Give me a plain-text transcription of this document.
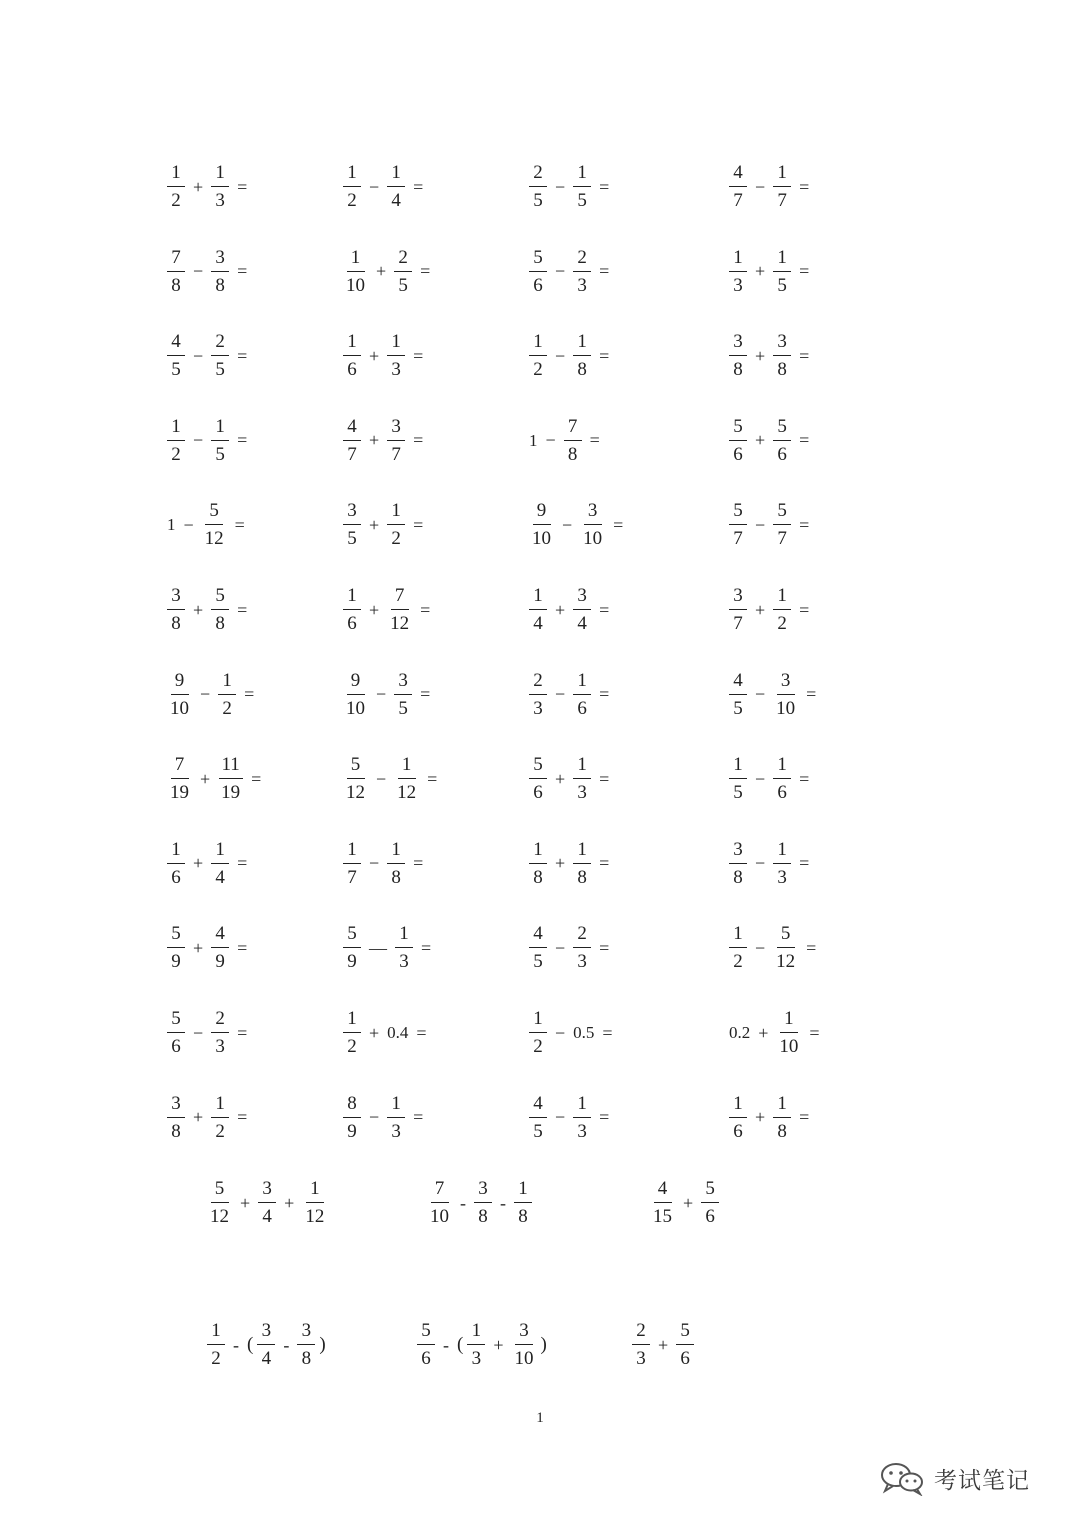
$\frac{1}{2} + \frac{1}{3}$ =	$\frac{1}{2} - \frac{1}{4}$ =	$\frac{2}{5} - \frac{1}{5}$ =	$\frac{4}{7} - \frac{1}{7}$ =
$\frac{7}{8} - \frac{3}{8}$ =	$\frac{1}{10} + \frac{2}{5}$ =	$\frac{5}{6} - \frac{2}{3}$ =	$\frac{1}{3} + \frac{1}{5}$ =
$\frac{4}{5} - \frac{2}{5}$ =	$\frac{1}{6} + \frac{1}{3}$ =	$\frac{1}{2} - \frac{1}{8}$ =	$\frac{3}{8} + \frac{3}{8}$ =
$\frac{1}{2} - \frac{1}{5}$ =	$\frac{4}{7} + \frac{3}{7}$ =	$1 - \frac{7}{8}$ =	$\frac{5}{6} + \frac{5}{6}$ =
$1 - \frac{5}{12}$ =	$\frac{3}{5} + \frac{1}{2}$ =	$\frac{9}{10} - \frac{3}{10}$ =	$\frac{5}{7} - \frac{5}{7}$ =
$\frac{3}{8} + \frac{5}{8}$ =	$\frac{1}{6} + \frac{7}{12}$ =	$\frac{1}{4} + \frac{3}{4}$ =	$\frac{3}{7} + \frac{1}{2}$ =
$\frac{9}{10} - \frac{1}{2}$ =	$\frac{9}{10} - \frac{3}{5}$ =	$\frac{2}{3} - \frac{1}{6}$ =	$\frac{4}{5} - \frac{3}{10}$ =
$\frac{7}{19} + \frac{11}{19}$ =	$\frac{5}{12} - \frac{1}{12}$ =	$\frac{5}{6} + \frac{1}{3}$ =	$\frac{1}{5} - \frac{1}{6}$ =
$\frac{1}{6} + \frac{1}{4}$ =	$\frac{1}{7} - \frac{1}{8}$ =	$\frac{1}{8} + \frac{1}{8}$ =	$\frac{3}{8} - \frac{1}{3}$ =
$\frac{5}{9} + \frac{4}{9}$ =	$\frac{5}{9}$ — $\frac{1}{3}$ =	$\frac{4}{5} - \frac{2}{3}$ =	$\frac{1}{2} - \frac{5}{12}$ =
$\frac{5}{6} - \frac{2}{3}$ =	$\frac{1}{2} + 0.4$ =	$\frac{1}{2} - 0.5$ =	$0.2 + \frac{1}{10}$ =
$\frac{3}{8} + \frac{1}{2}$ =	$\frac{8}{9} - \frac{1}{3}$ =	$\frac{4}{5} - \frac{1}{3}$ =	$\frac{1}{6} + \frac{1}{8}$ =
$\frac{5}{12} + \frac{3}{4} + \frac{1}{12}$	$\frac{7}{10} - \frac{3}{8} - \frac{1}{8}$	$\frac{4}{15} + \frac{5}{6}$
$\frac{1}{2}$ - ( $\frac{3}{4} - \frac{3}{8}$ )	$\frac{5}{6}$ - ( $\frac{1}{3} + \frac{3}{10}$ )	$\frac{2}{3} + \frac{5}{6}$
1
考试笔记
